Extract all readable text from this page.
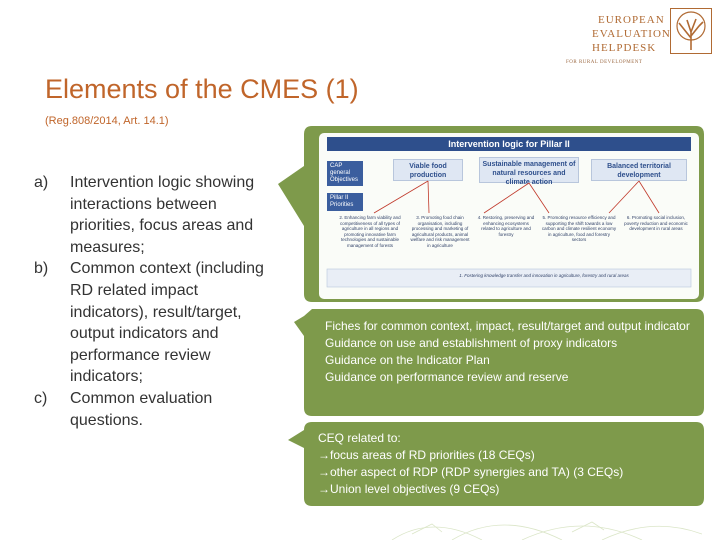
EUROPEAN
EVALUATION
HELPDESK
FOR RURAL DEVELOPMENT
Elements of the CMES (1)
(Reg.808/2014, Art. 14.1)
a)	Intervention logic showing interactions between priorities, focus areas and measures;
b)	Common context (including RD related impact indicators), result/target, output indicators and performance review indicators;
c)	Common evaluation questions.
Intervention logic for Pillar II
CAP general Objectives
Pillar II Priorities
Viable food production
Sustainable management of natural resources and climate action
Balanced territorial development
2. Enhancing farm viability and competitiveness of all types of agriculture in all regions and promoting innovative farm technologies and sustainable management of forests
3. Promoting food chain organisation, including processing and marketing of agricultural products, animal welfare and risk management in agriculture
4. Restoring, preserving and enhancing ecosystems related to agriculture and forestry
5. Promoting resource efficiency and supporting the shift towards a low carbon and climate resilient economy in agriculture, food and forestry sectors
6. Promoting social inclusion, poverty reduction and economic development in rural areas
1. Fostering knowledge transfer and innovation in agriculture, forestry and rural areas
Fiches for common context, impact, result/target and output indicator
Guidance on use and establishment of proxy indicators
Guidance on the Indicator Plan
Guidance on performance review and reserve
CEQ related to:
→focus areas of RD priorities (18 CEQs)
→other aspect of RDP (RDP synergies and TA) (3 CEQs)
→Union level objectives (9 CEQs)
8
